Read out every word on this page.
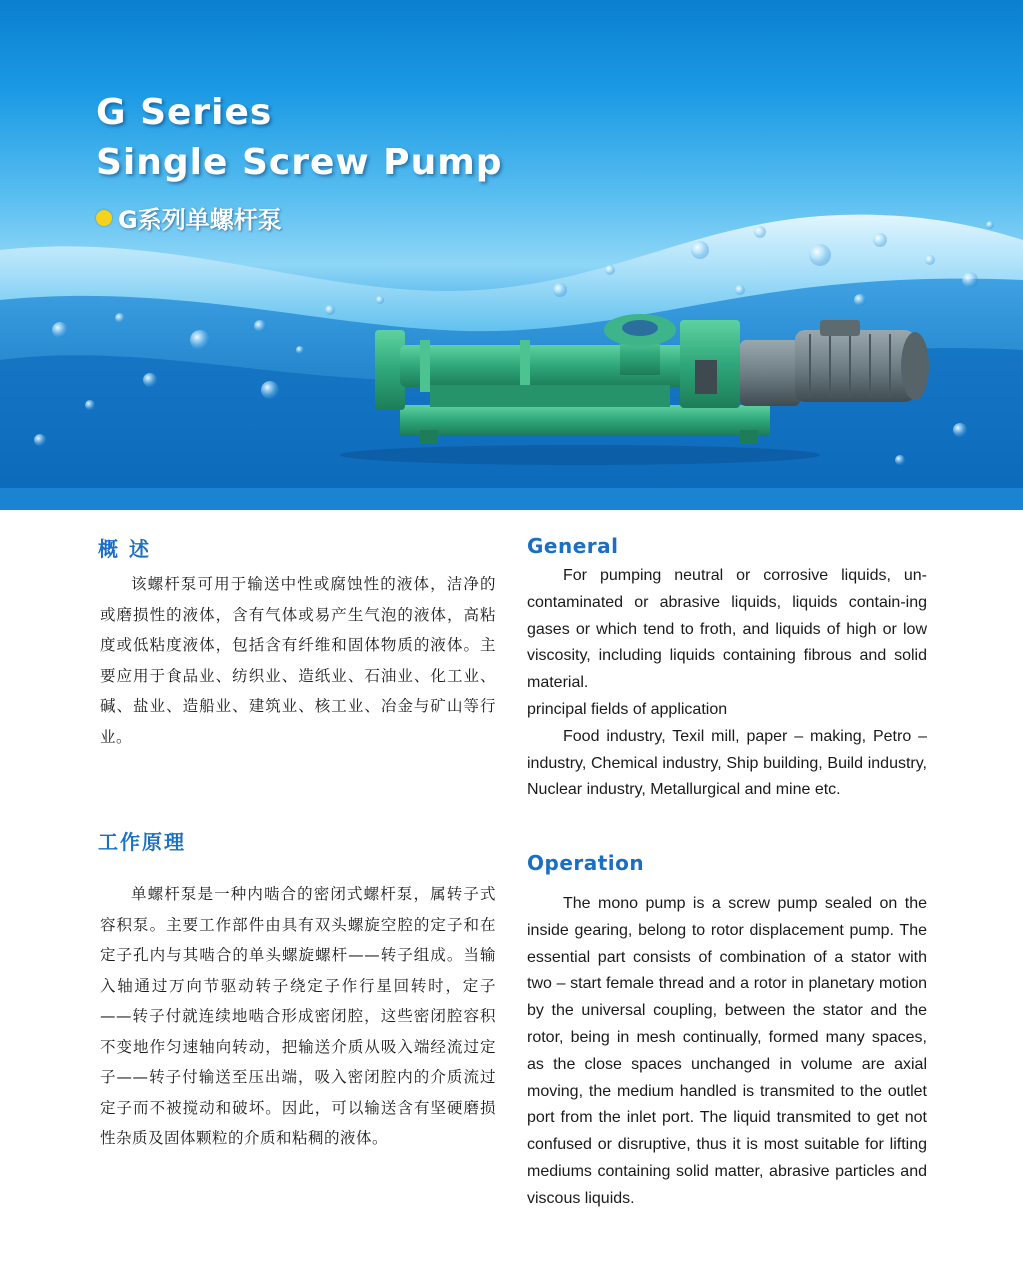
G Series
Single Screw Pump
G系列单螺杆泵
概 述

该螺杆泵可用于输送中性或腐蚀性的液体，洁净的或磨损性的液体，含有气体或易产生气泡的液体，高粘度或低粘度液体，包括含有纤维和固体物质的液体。主要应用于食品业、纺织业、造纸业、石油业、化工业、碱、盐业、造船业、建筑业、核工业、冶金与矿山等行业。

工作原理

单螺杆泵是一种内啮合的密闭式螺杆泵，属转子式容积泵。主要工作部件由具有双头螺旋空腔的定子和在定子孔内与其啮合的单头螺旋螺杆——转子组成。当输入轴通过万向节驱动转子绕定子作行星回转时，定子——转子付就连续地啮合形成密闭腔，这些密闭腔容积不变地作匀速轴向转动，把输送介质从吸入端经流过定子——转子付输送至压出端，吸入密闭腔内的介质流过定子而不被搅动和破坏。因此，可以输送含有坚硬磨损性杂质及固体颗粒的介质和粘稠的液体。

General
For pumping neutral or corrosive liquids, un-contaminated or abrasive liquids, liquids contain-ing gases or which tend to froth, and liquids of high or low viscosity, including liquids containing fibrous and solid material.
principal fields of application
Food industry, Texil mill, paper – making, Petro – industry, Chemical industry, Ship building, Build industry, Nuclear industry, Metallurgical and mine etc.
Operation
The mono pump is a screw pump sealed on the inside gearing, belong to rotor displacement pump. The essential part consists of combination of a stator with two – start female thread and a rotor in planetary motion by the universal coupling, between the stator and the rotor, being in mesh continually, formed many spaces, as the close spaces unchanged in volume are axial moving, the medium handled is transmited to the outlet port from the inlet port. The liquid transmited to get not confused or disruptive, thus it is most suitable for lifting mediums containing solid matter, abrasive particles and viscous liquids.
